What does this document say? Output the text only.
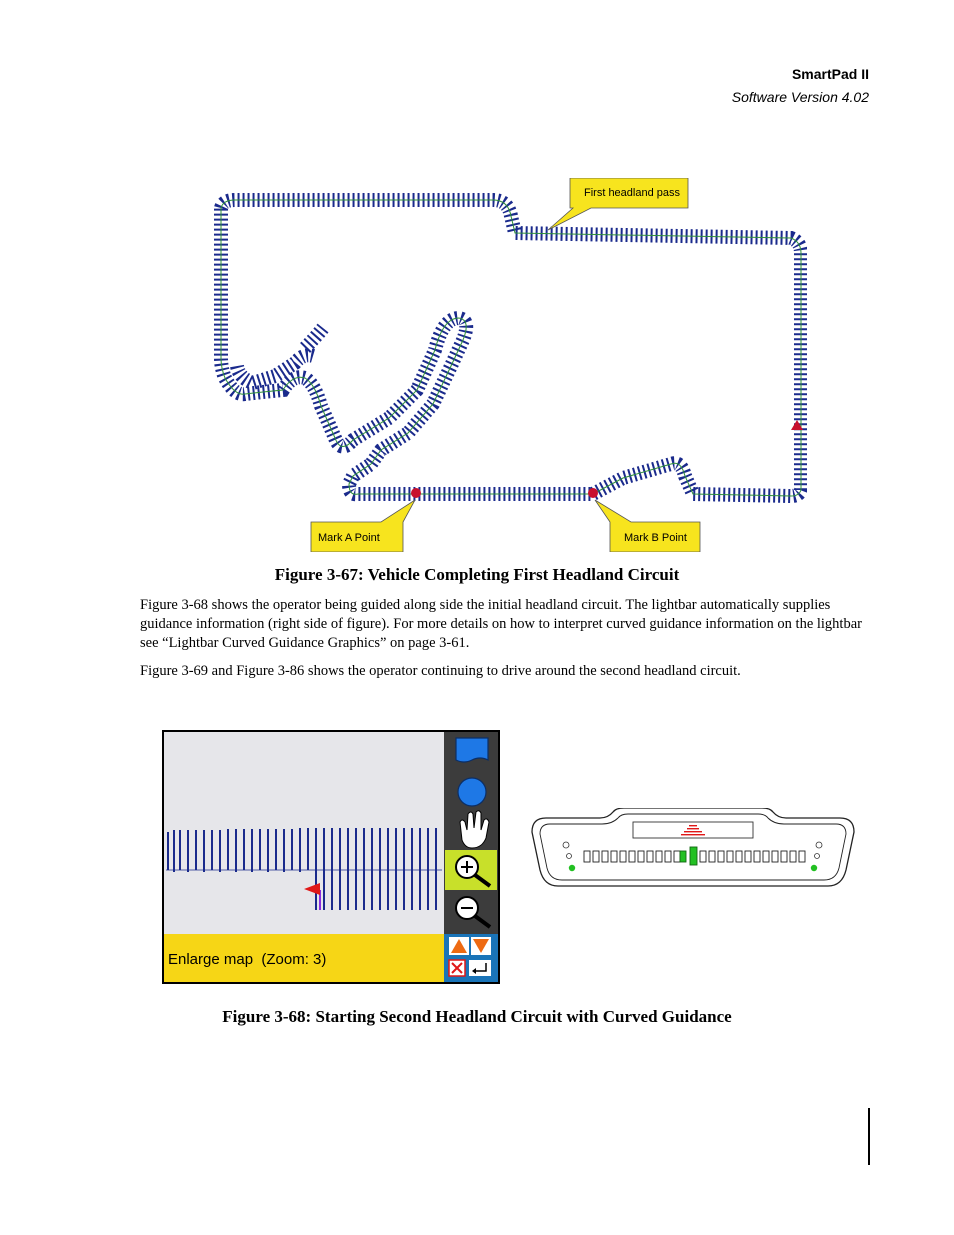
SmartPad II
Software Version 4.02
First headland pass
Mark A Point	Mark B Point
Figure 3-67: Vehicle Completing First Headland Circuit

Figure 3-68 shows the operator being guided along side the initial headland circuit. The lightbar automatically supplies guidance information (right side of figure). For more details on how to interpret curved guidance information on the lightbar see “Lightbar Curved Guidance Graphics” on page 3-61.

Figure 3-69 and Figure 3-86 shows the operator continuing to drive around the second headland circuit.

Enlarge map  (Zoom: 3)
Figure 3-68: Starting Second Headland Circuit with Curved Guidance
